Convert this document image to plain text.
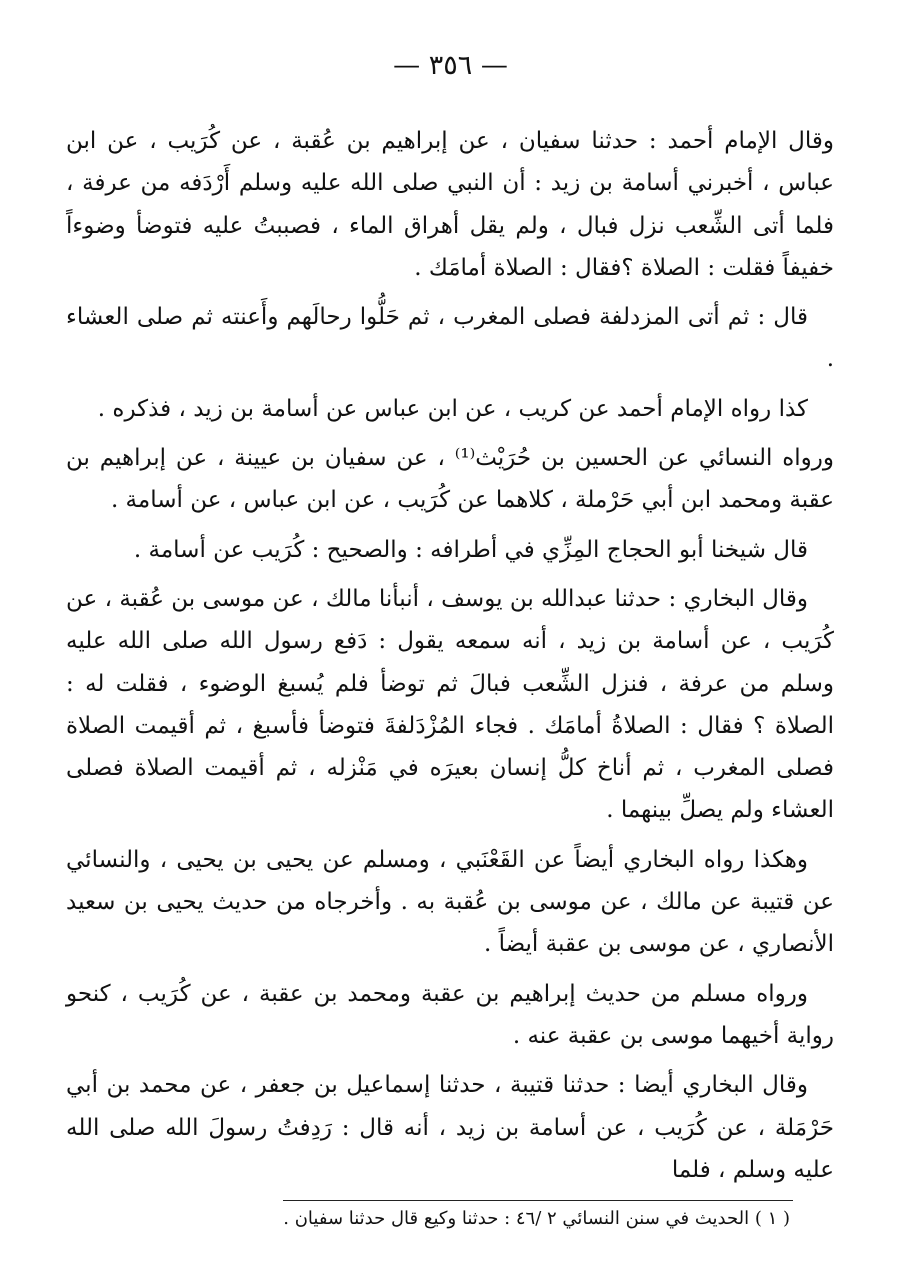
— ٣٥٦ —

وقال الإمام أحمد : حدثنا سفيان ، عن إبراهيم بن عُقبة ، عن كُرَيب ، عن ابن عباس ، أخبرني أسامة بن زيد : أن النبي صلى الله عليه وسلم أَرْدَفه من عرفة ، فلما أتى الشِّعب نزل فبال ، ولم يقل أهراق الماء ، فصببتُ عليه فتوضأ وضوءاً خفيفاً فقلت : الصلاة ؟فقال : الصلاة أمامَك .

قال : ثم أتى المزدلفة فصلى المغرب ، ثم حَلُّوا رحالَهم وأَعنته ثم صلى العشاء .

كذا رواه الإمام أحمد عن كريب ، عن ابن عباس عن أسامة بن زيد ، فذكره .

ورواه النسائي عن الحسين بن حُرَيْث⁽¹⁾ ، عن سفيان بن عيينة ، عن إبراهيم بن عقبة ومحمد ابن أبي حَرْملة ، كلاهما عن كُرَيب ، عن ابن عباس ، عن أسامة .

قال شيخنا أبو الحجاج المِزِّي في أطرافه : والصحيح : كُرَيب عن أسامة .

وقال البخاري : حدثنا عبدالله بن يوسف ، أنبأنا مالك ، عن موسى بن عُقبة ، عن كُرَيب ، عن أسامة بن زيد ، أنه سمعه يقول : دَفع رسول الله صلى الله عليه وسلم من عرفة ، فنزل الشِّعب فبالَ ثم توضأ فلم يُسبغ الوضوء ، فقلت له : الصلاة ؟ فقال : الصلاةُ أمامَك . فجاء المُزْدَلفةَ فتوضأ فأسبغ ، ثم أقيمت الصلاة فصلى المغرب ، ثم أناخ كلُّ إنسان بعيرَه في مَنْزله ، ثم أقيمت الصلاة فصلى العشاء ولم يصلِّ بينهما .

وهكذا رواه البخاري أيضاً عن القَعْنَبي ، ومسلم عن يحيى بن يحيى ، والنسائي عن قتيبة عن مالك ، عن موسى بن عُقبة به . وأخرجاه من حديث يحيى بن سعيد الأنصاري ، عن موسى بن عقبة أيضاً .

ورواه مسلم من حديث إبراهيم بن عقبة ومحمد بن عقبة ، عن كُرَيب ، كنحو رواية أخيهما موسى بن عقبة عنه .

وقال البخاري أيضا : حدثنا قتيبة ، حدثنا إسماعيل بن جعفر ، عن محمد بن أبي حَرْمَلة ، عن كُرَيب ، عن أسامة بن زيد ، أنه قال : رَدِفتُ رسولَ الله صلى الله عليه وسلم ، فلما

( ١ ) الحديث في سنن النسائي ٢ /٤٦ : حدثنا وكيع قال حدثنا سفيان .
